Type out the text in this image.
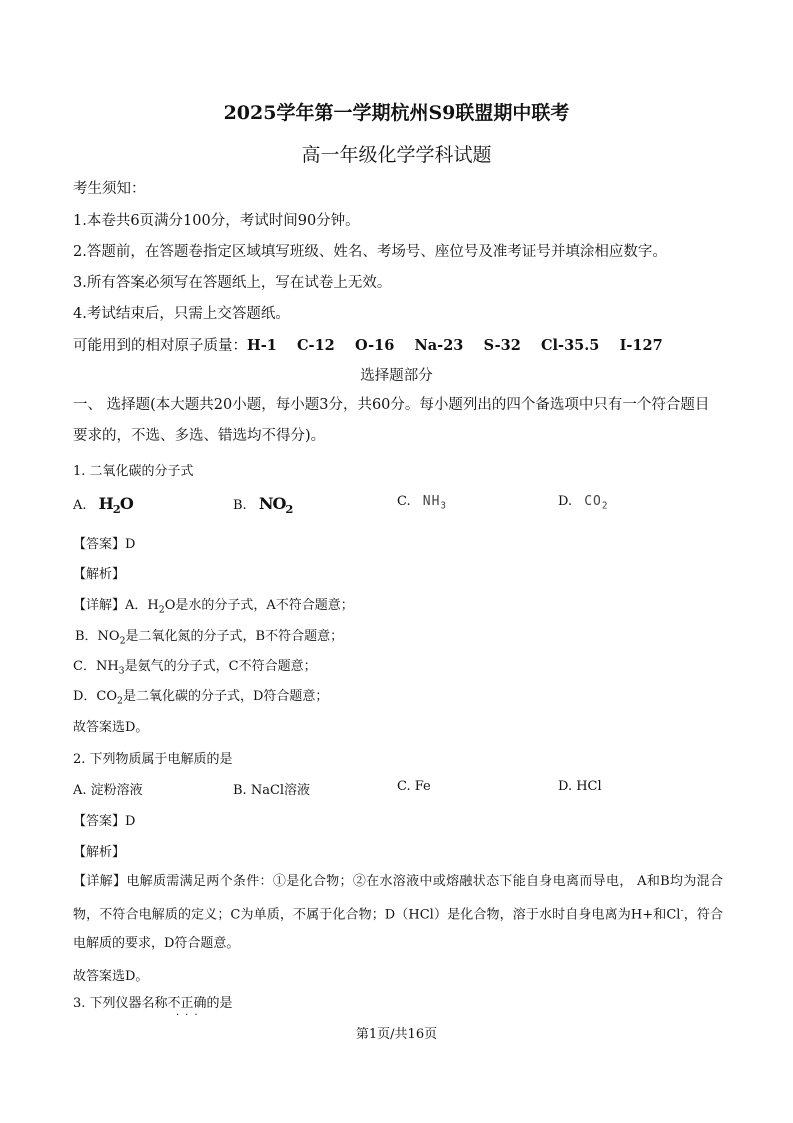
2025学年第一学期杭州S9联盟期中联考
高一年级化学学科试题
考生须知：
1.本卷共6页满分100分，考试时间90分钟。
2.答题前，在答题卷指定区域填写班级、姓名、考场号、座位号及准考证号并填涂相应数字。
3.所有答案必须写在答题纸上，写在试卷上无效。
4.考试结束后，只需上交答题纸。
可能用到的相对原子质量：H-1 C-12 O-16 Na-23 S-32 Cl-35.5 I-127
选择题部分
一、 选择题(本大题共20小题，每小题3分，共60分。每小题列出的四个备选项中只有一个符合题目要求的，不选、多选、错选均不得分)。
1. 二氧化碳的分子式
A. $H_2O$	B. $NO_2$
C. $NH_3$	D. $CO_2$
【答案】D
【解析】
【详解】A．$H_2O$是水的分子式，A不符合题意；
B．$NO_2$是二氧化氮的分子式，B不符合题意；
C．$NH_3$是氨气的分子式，C不符合题意；
D．$CO_2$是二氧化碳的分子式，D符合题意；
故答案选D。
2. 下列物质属于电解质的是
A. 淀粉溶液	B. NaCl溶液	C. Fe	D. HCl
【答案】D
【解析】
【详解】电解质需满足两个条件：①是化合物；②在水溶液中或熔融状态下能自身电离而导电， A和B均为混合物，不符合电解质的定义；C为单质，不属于化合物；D（HCl）是化合物，溶于水时自身电离为H+和Cl-，符合电解质的要求，D符合题意。
故答案选D。
3. 下列仪器名称不正确的是
···
第1页/共16页
